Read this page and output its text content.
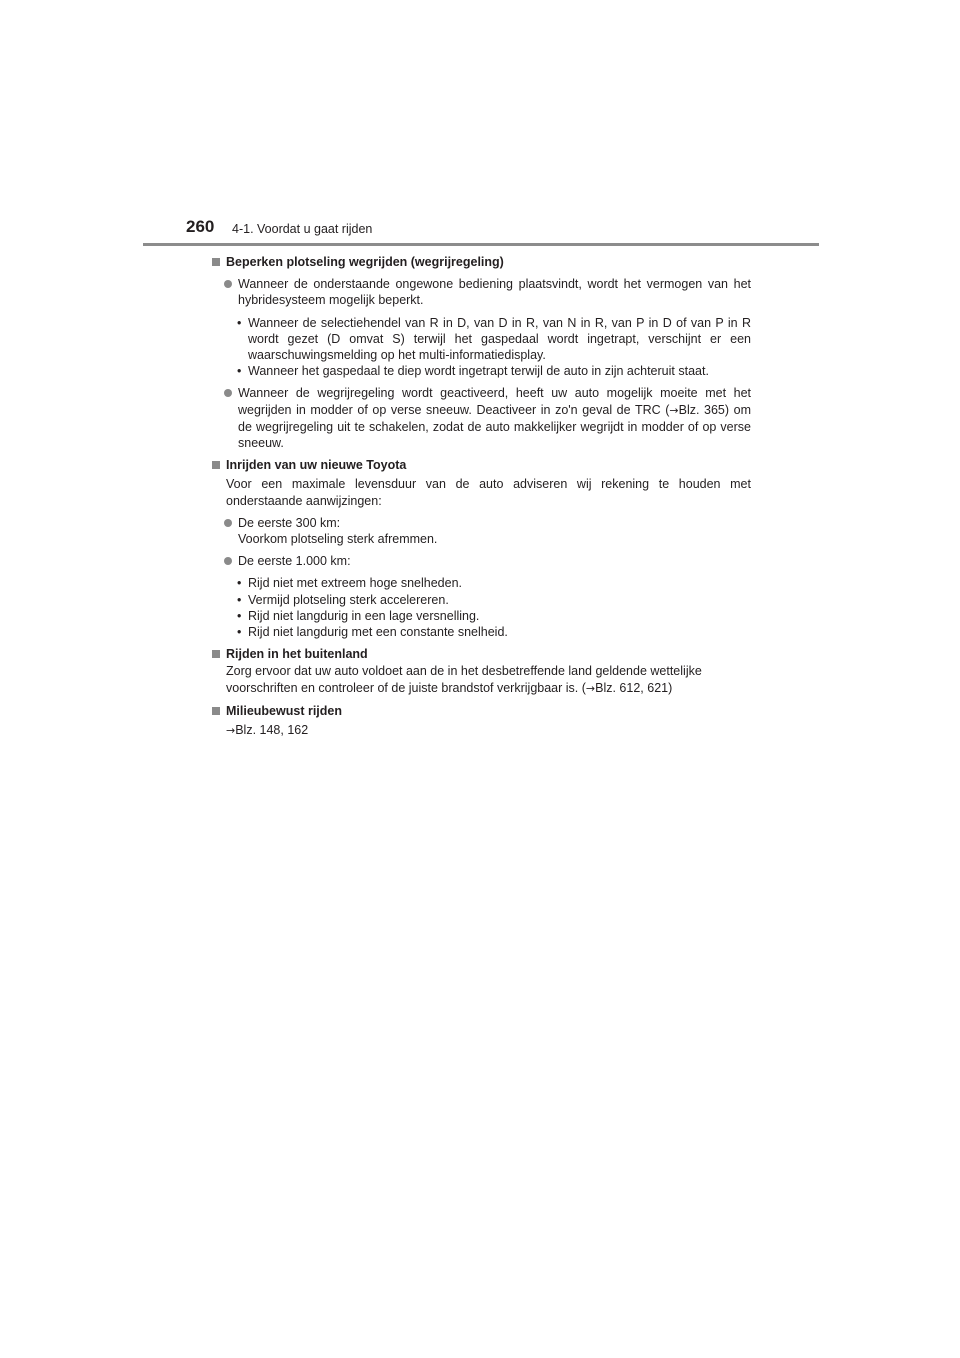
260 4-1. Voordat u gaat rijden
Beperken plotseling wegrijden (wegrijregeling)
Wanneer de onderstaande ongewone bediening plaatsvindt, wordt het vermogen van het hybridesysteem mogelijk beperkt.
• Wanneer de selectiehendel van R in D, van D in R, van N in R, van P in D of van P in R wordt gezet (D omvat S) terwijl het gaspedaal wordt ingetrapt, verschijnt er een waarschuwingsmelding op het multi-informatiedisplay.
• Wanneer het gaspedaal te diep wordt ingetrapt terwijl de auto in zijn achteruit staat.
Wanneer de wegrijregeling wordt geactiveerd, heeft uw auto mogelijk moeite met het wegrijden in modder of op verse sneeuw. Deactiveer in zo'n geval de TRC (→Blz. 365) om de wegrijregeling uit te schakelen, zodat de auto makkelijker wegrijdt in modder of op verse sneeuw.
Inrijden van uw nieuwe Toyota
Voor een maximale levensduur van de auto adviseren wij rekening te houden met onderstaande aanwijzingen:
De eerste 300 km:
Voorkom plotseling sterk afremmen.
De eerste 1.000 km:
• Rijd niet met extreem hoge snelheden.
• Vermijd plotseling sterk accelereren.
• Rijd niet langdurig in een lage versnelling.
• Rijd niet langdurig met een constante snelheid.
Rijden in het buitenland
Zorg ervoor dat uw auto voldoet aan de in het desbetreffende land geldende wettelijke voorschriften en controleer of de juiste brandstof verkrijgbaar is. (→Blz. 612, 621)
Milieubewust rijden
→Blz. 148, 162
